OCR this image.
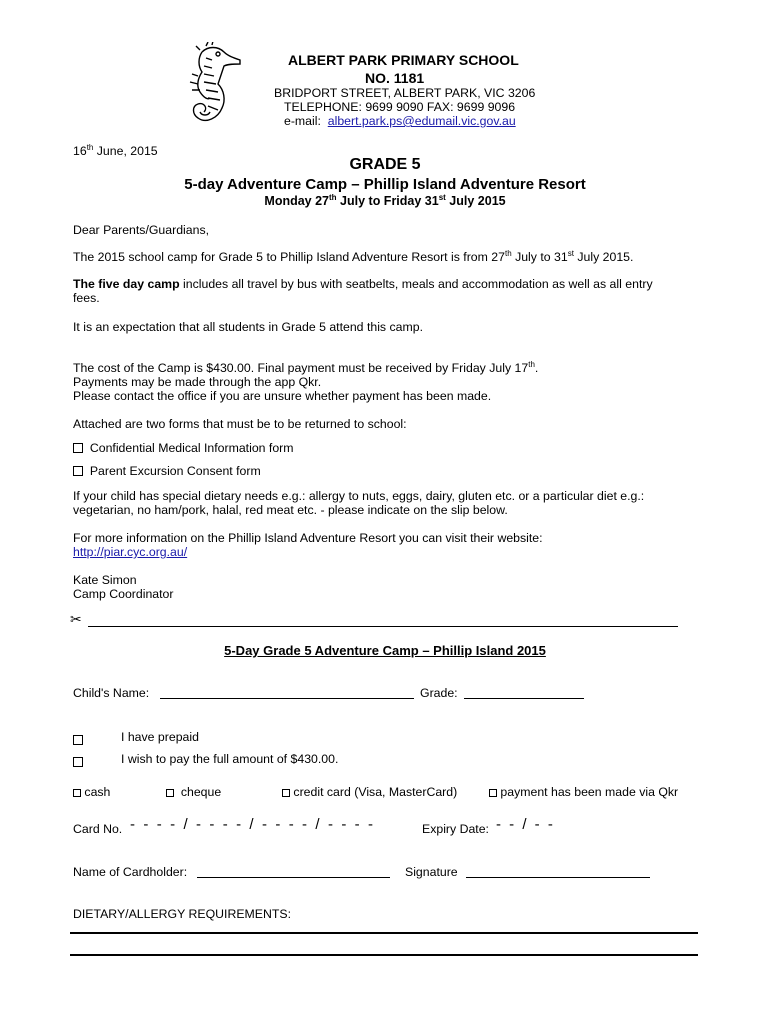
ALBERT PARK PRIMARY SCHOOL
NO. 1181
BRIDPORT STREET, ALBERT PARK, VIC 3206
TELEPHONE: 9699 9090 FAX: 9699 9096
e-mail: albert.park.ps@edumail.vic.gov.au
16th June, 2015
GRADE 5
5-day Adventure Camp – Phillip Island Adventure Resort
Monday 27th July to Friday 31st July 2015
Dear Parents/Guardians,
The 2015 school camp for Grade 5 to Phillip Island Adventure Resort is from 27th July to 31st July 2015.
The five day camp includes all travel by bus with seatbelts, meals and accommodation as well as all entry
fees.
It is an expectation that all students in Grade 5 attend this camp.
The cost of the Camp is $430.00. Final payment must be received by Friday July 17th.
Payments may be made through the app Qkr.
Please contact the office if you are unsure whether payment has been made.
Attached are two forms that must be to be returned to school:
Confidential Medical Information form
Parent Excursion Consent form
If your child has special dietary needs e.g.: allergy to nuts, eggs, dairy, gluten etc. or a particular diet e.g.:
vegetarian, no ham/pork, halal, red meat etc. - please indicate on the slip below.
For more information on the Phillip Island Adventure Resort you can visit their website:
http://piar.cyc.org.au/
Kate Simon
Camp Coordinator
✂
5-Day Grade 5 Adventure Camp – Phillip Island 2015
Child's Name:	Grade:
I have prepaid
I wish to pay the full amount of $430.00.
cash	cheque	credit card (Visa, MasterCard)	payment has been made via Qkr
Card No. - - - - / - - - - / - - - - / - - - -	Expiry Date: - - / - -
Name of Cardholder:	Signature
DIETARY/ALLERGY REQUIREMENTS:
